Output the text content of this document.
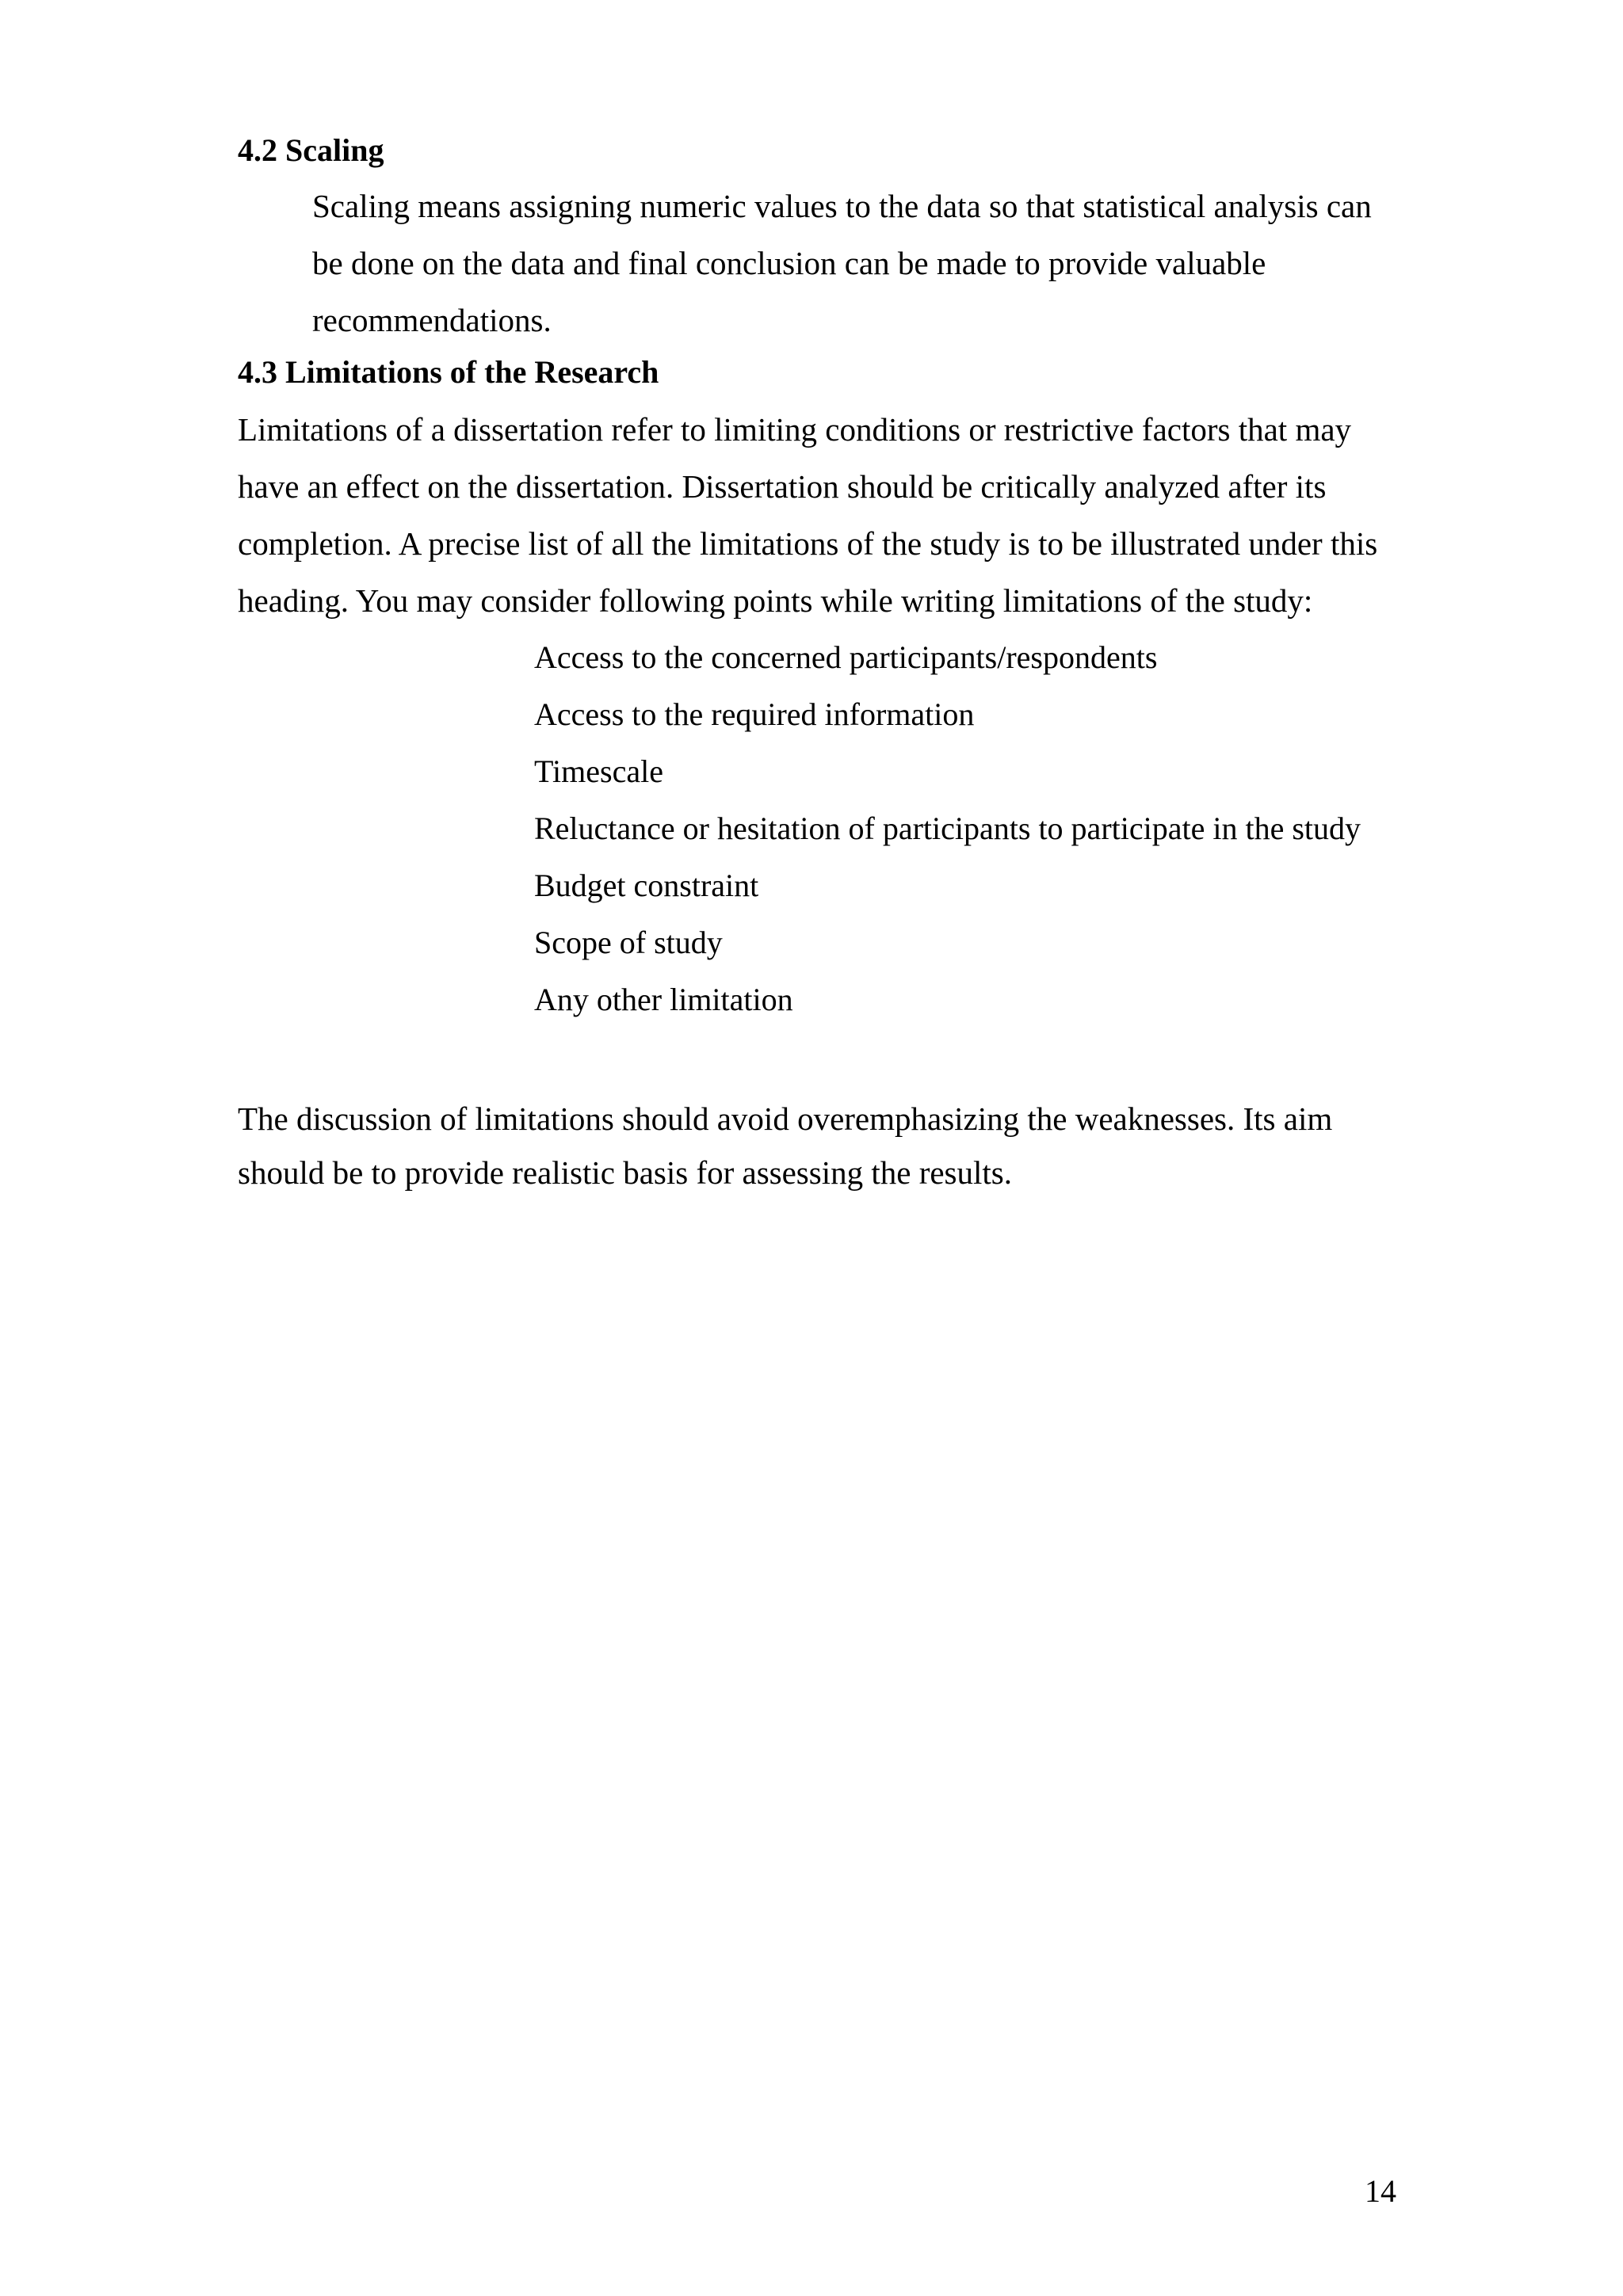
4.2 Scaling

Scaling means assigning numeric values to the data so that statistical analysis can be done on the data and final conclusion can be made to provide valuable recommendations.

4.3 Limitations of the Research

Limitations of a dissertation refer to limiting conditions or restrictive factors that may have an effect on the dissertation. Dissertation should be critically analyzed after its completion. A precise list of all the limitations of the study is to be illustrated under this heading. You may consider following points while writing limitations of the study:

Access to the concerned participants/respondents
Access to the required information
Timescale
Reluctance or hesitation of participants to participate in the study
Budget constraint
Scope of study
Any other limitation

The discussion of limitations should avoid overemphasizing the weaknesses. Its aim should be to provide realistic basis for assessing the results.

14
